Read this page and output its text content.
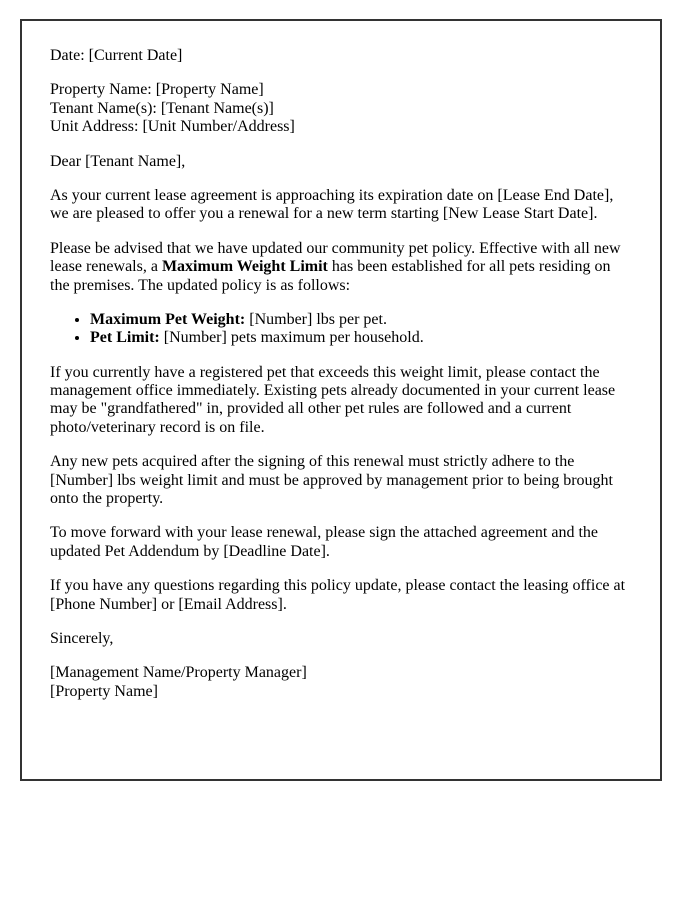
Date: [Current Date]

Property Name: [Property Name]
Tenant Name(s): [Tenant Name(s)]
Unit Address: [Unit Number/Address]

Dear [Tenant Name],

As your current lease agreement is approaching its expiration date on [Lease End Date], we are pleased to offer you a renewal for a new term starting [New Lease Start Date].

Please be advised that we have updated our community pet policy. Effective with all new lease renewals, a Maximum Weight Limit has been established for all pets residing on the premises. The updated policy is as follows:

• Maximum Pet Weight: [Number] lbs per pet.
• Pet Limit: [Number] pets maximum per household.

If you currently have a registered pet that exceeds this weight limit, please contact the management office immediately. Existing pets already documented in your current lease may be "grandfathered" in, provided all other pet rules are followed and a current photo/veterinary record is on file.

Any new pets acquired after the signing of this renewal must strictly adhere to the [Number] lbs weight limit and must be approved by management prior to being brought onto the property.

To move forward with your lease renewal, please sign the attached agreement and the updated Pet Addendum by [Deadline Date].

If you have any questions regarding this policy update, please contact the leasing office at [Phone Number] or [Email Address].

Sincerely,

[Management Name/Property Manager]
[Property Name]
